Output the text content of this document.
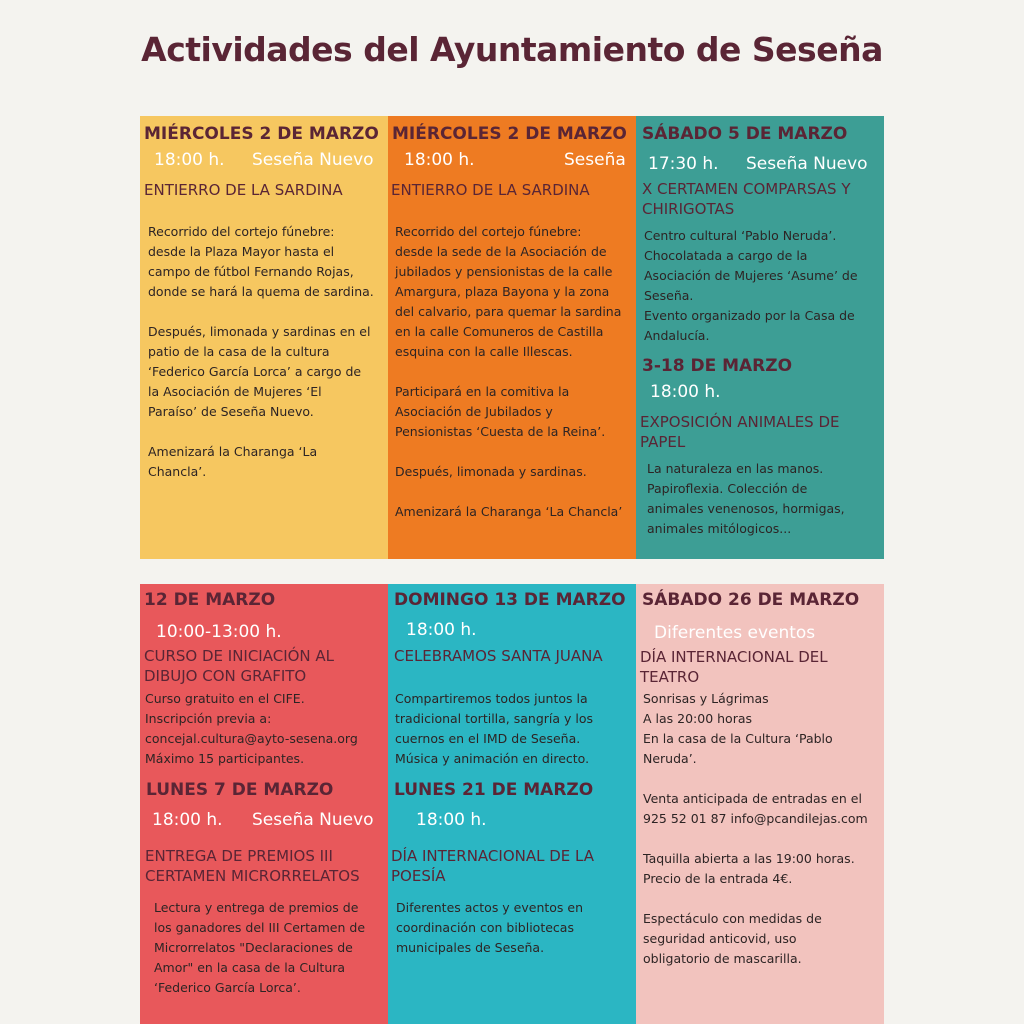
Actividades del Ayuntamiento de Seseña
MIÉRCOLES 2 DE MARZO
18:00 h. Seseña Nuevo
ENTIERRO DE LA SARDINA
Recorrido del cortejo fúnebre:
desde la Plaza Mayor hasta el
campo de fútbol Fernando Rojas,
donde se hará la quema de sardina.

Después, limonada y sardinas en el
patio de la casa de la cultura
‘Federico García Lorca’ a cargo de
la Asociación de Mujeres ‘El
Paraíso’ de Seseña Nuevo.

Amenizará la Charanga ‘La
Chancla’.
MIÉRCOLES 2 DE MARZO
18:00 h.	Seseña
ENTIERRO DE LA SARDINA
Recorrido del cortejo fúnebre:
desde la sede de la Asociación de
jubilados y pensionistas de la calle
Amargura, plaza Bayona y la zona
del calvario, para quemar la sardina
en la calle Comuneros de Castilla
esquina con la calle Illescas.

Participará en la comitiva la
Asociación de Jubilados y
Pensionistas ‘Cuesta de la Reina’.

Después, limonada y sardinas.

Amenizará la Charanga ‘La Chancla’
SÁBADO 5 DE MARZO
17:30 h. Seseña Nuevo
X CERTAMEN COMPARSAS Y CHIRIGOTAS
Centro cultural ‘Pablo Neruda’.
Chocolatada a cargo de la
Asociación de Mujeres ‘Asume’ de
Seseña.
Evento organizado por la Casa de
Andalucía.
3-18 DE MARZO
18:00 h.
EXPOSICIÓN ANIMALES DE PAPEL
La naturaleza en las manos.
Papiroflexia. Colección de
animales venenosos, hormigas,
animales mitólogicos...
12 DE MARZO
10:00-13:00 h.
CURSO DE INICIACIÓN AL DIBUJO CON GRAFITO
Curso gratuito en el CIFE.
Inscripción previa a:
concejal.cultura@ayto-sesena.org
Máximo 15 participantes.
LUNES 7 DE MARZO
18:00 h. Seseña Nuevo
ENTREGA DE PREMIOS III CERTAMEN MICRORRELATOS
Lectura y entrega de premios de
los ganadores del III Certamen de
Microrrelatos "Declaraciones de
Amor" en la casa de la Cultura
‘Federico García Lorca’.
DOMINGO 13 DE MARZO
18:00 h.
CELEBRAMOS SANTA JUANA
Compartiremos todos juntos la
tradicional tortilla, sangría y los
cuernos en el IMD de Seseña.
Música y animación en directo.
LUNES 21 DE MARZO
18:00 h.
DÍA INTERNACIONAL DE LA POESÍA
Diferentes actos y eventos en
coordinación con bibliotecas
municipales de Seseña.
SÁBADO 26 DE MARZO
Diferentes eventos
DÍA INTERNACIONAL DEL TEATRO
Sonrisas y Lágrimas
A las 20:00 horas
En la casa de la Cultura ‘Pablo
Neruda’.

Venta anticipada de entradas en el
925 52 01 87 info@pcandilejas.com

Taquilla abierta a las 19:00 horas.
Precio de la entrada 4€.

Espectáculo con medidas de
seguridad anticovid, uso
obligatorio de mascarilla.
